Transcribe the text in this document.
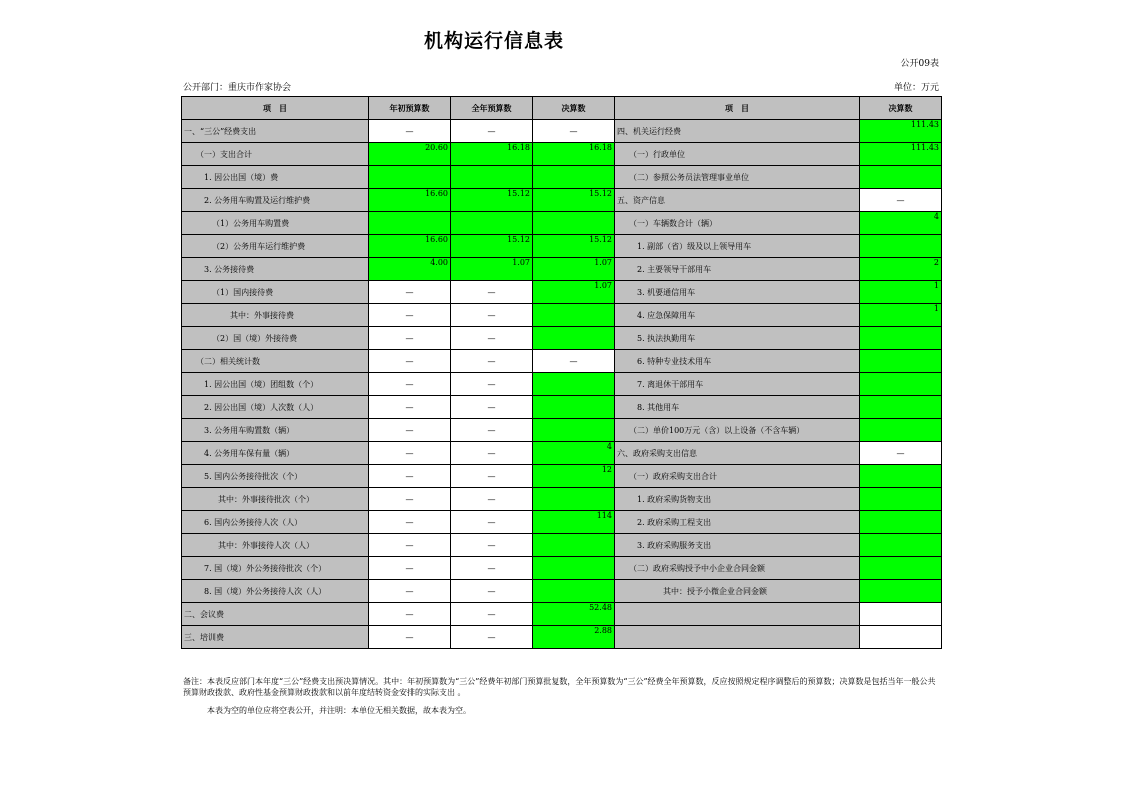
机构运行信息表
公开09表
公开部门：重庆市作家协会	单位：万元
项　目	年初预算数	全年预算数	决算数	项　目	决算数
一、“三公”经费支出	—	—	—	四、机关运行经费	111.43
（一）支出合计	20.60	16.18	16.18	（一）行政单位	111.43
1. 因公出国（境）费				（二）参照公务员法管理事业单位	
2. 公务用车购置及运行维护费	16.60	15.12	15.12	五、资产信息	—
（1）公务用车购置费				（一）车辆数合计（辆）	4
（2）公务用车运行维护费	16.60	15.12	15.12	1. 副部（省）级及以上领导用车	
3. 公务接待费	4.00	1.07	1.07	2. 主要领导干部用车	2
（1）国内接待费	—	—	1.07	3. 机要通信用车	1
其中：外事接待费	—	—		4. 应急保障用车	1
（2）国（境）外接待费	—	—		5. 执法执勤用车	
（二）相关统计数	—	—	—	6. 特种专业技术用车	
1. 因公出国（境）团组数（个）	—	—		7. 离退休干部用车	
2. 因公出国（境）人次数（人）	—	—		8. 其他用车	
3. 公务用车购置数（辆）	—	—		（二）单价100万元（含）以上设备（不含车辆）	
4. 公务用车保有量（辆）	—	—	4	六、政府采购支出信息	—
5. 国内公务接待批次（个）	—	—	12	（一）政府采购支出合计	
其中：外事接待批次（个）	—	—		1. 政府采购货物支出	
6. 国内公务接待人次（人）	—	—	114	2. 政府采购工程支出	
其中：外事接待人次（人）	—	—		3. 政府采购服务支出	
7. 国（境）外公务接待批次（个）	—	—		（二）政府采购授予中小企业合同金额	
8. 国（境）外公务接待人次（人）	—	—		其中：授予小微企业合同金额	
二、会议费	—	—	52.48		
三、培训费	—	—	2.88		
备注：本表反应部门本年度“三公”经费支出预决算情况。其中：年初预算数为“三公”经费年初部门预算批复数，全年预算数为“三公”经费全年预算数，反应按照规定程序调整后的预算数；决算数是包括当年一般公共预算财政拨款、政府性基金预算财政拨款和以前年度结转资金安排的实际支出 。
本表为空的单位应将空表公开，并注明：本单位无相关数据，故本表为空。
